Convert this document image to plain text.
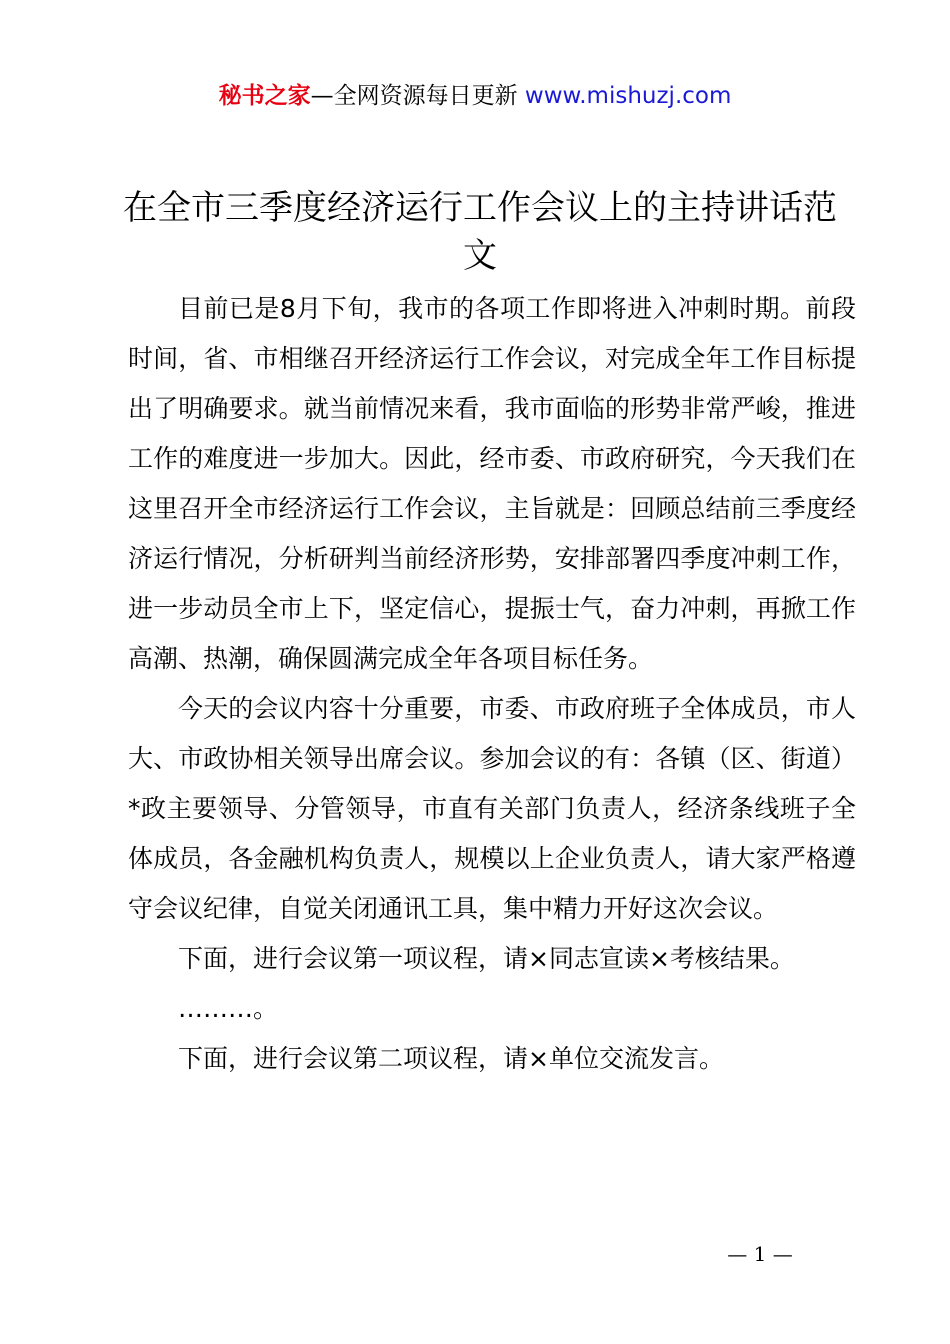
秘书之家—全网资源每日更新 www.mishuzj.com
在全市三季度经济运行工作会议上的主持讲话范文

目前已是8月下旬，我市的各项工作即将进入冲刺时期。前段时间，省、市相继召开经济运行工作会议，对完成全年工作目标提出了明确要求。就当前情况来看，我市面临的形势非常严峻，推进工作的难度进一步加大。因此，经市委、市政府研究，今天我们在这里召开全市经济运行工作会议，主旨就是：回顾总结前三季度经济运行情况，分析研判当前经济形势，安排部署四季度冲刺工作，进一步动员全市上下，坚定信心，提振士气，奋力冲刺，再掀工作高潮、热潮，确保圆满完成全年各项目标任务。

今天的会议内容十分重要，市委、市政府班子全体成员，市人大、市政协相关领导出席会议。参加会议的有：各镇（区、街道）*政主要领导、分管领导，市直有关部门负责人，经济条线班子全体成员，各金融机构负责人，规模以上企业负责人，请大家严格遵守会议纪律，自觉关闭通讯工具，集中精力开好这次会议。

下面，进行会议第一项议程，请×同志宣读×考核结果。

………。

下面，进行会议第二项议程，请×单位交流发言。

— 1 —
